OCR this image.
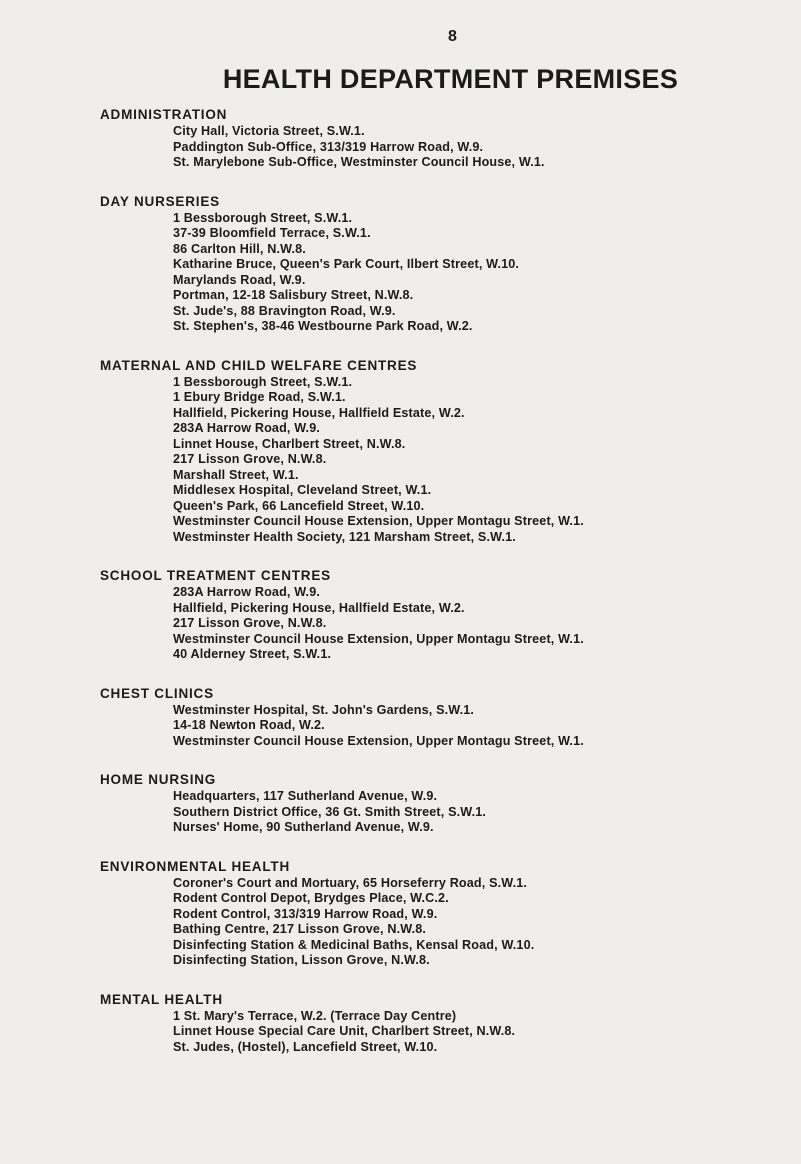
8
HEALTH DEPARTMENT PREMISES
ADMINISTRATION
City Hall, Victoria Street, S.W.1.
Paddington Sub-Office, 313/319 Harrow Road, W.9.
St. Marylebone Sub-Office, Westminster Council House, W.1.
DAY NURSERIES
1 Bessborough Street, S.W.1.
37-39 Bloomfield Terrace, S.W.1.
86 Carlton Hill, N.W.8.
Katharine Bruce, Queen's Park Court, Ilbert Street, W.10.
Marylands Road, W.9.
Portman, 12-18 Salisbury Street, N.W.8.
St. Jude's, 88 Bravington Road, W.9.
St. Stephen's, 38-46 Westbourne Park Road, W.2.
MATERNAL AND CHILD WELFARE CENTRES
1 Bessborough Street, S.W.1.
1 Ebury Bridge Road, S.W.1.
Hallfield, Pickering House, Hallfield Estate, W.2.
283A Harrow Road, W.9.
Linnet House, Charlbert Street, N.W.8.
217 Lisson Grove, N.W.8.
Marshall Street, W.1.
Middlesex Hospital, Cleveland Street, W.1.
Queen's Park, 66 Lancefield Street, W.10.
Westminster Council House Extension, Upper Montagu Street, W.1.
Westminster Health Society, 121 Marsham Street, S.W.1.
SCHOOL TREATMENT CENTRES
283A Harrow Road, W.9.
Hallfield, Pickering House, Hallfield Estate, W.2.
217 Lisson Grove, N.W.8.
Westminster Council House Extension, Upper Montagu Street, W.1.
40 Alderney Street, S.W.1.
CHEST CLINICS
Westminster Hospital, St. John's Gardens, S.W.1.
14-18 Newton Road, W.2.
Westminster Council House Extension, Upper Montagu Street, W.1.
HOME NURSING
Headquarters, 117 Sutherland Avenue, W.9.
Southern District Office, 36 Gt. Smith Street, S.W.1.
Nurses' Home, 90 Sutherland Avenue, W.9.
ENVIRONMENTAL HEALTH
Coroner's Court and Mortuary, 65 Horseferry Road, S.W.1.
Rodent Control Depot, Brydges Place, W.C.2.
Rodent Control, 313/319 Harrow Road, W.9.
Bathing Centre, 217 Lisson Grove, N.W.8.
Disinfecting Station & Medicinal Baths, Kensal Road, W.10.
Disinfecting Station, Lisson Grove, N.W.8.
MENTAL HEALTH
1 St. Mary's Terrace, W.2. (Terrace Day Centre)
Linnet House Special Care Unit, Charlbert Street, N.W.8.
St. Judes, (Hostel), Lancefield Street, W.10.
